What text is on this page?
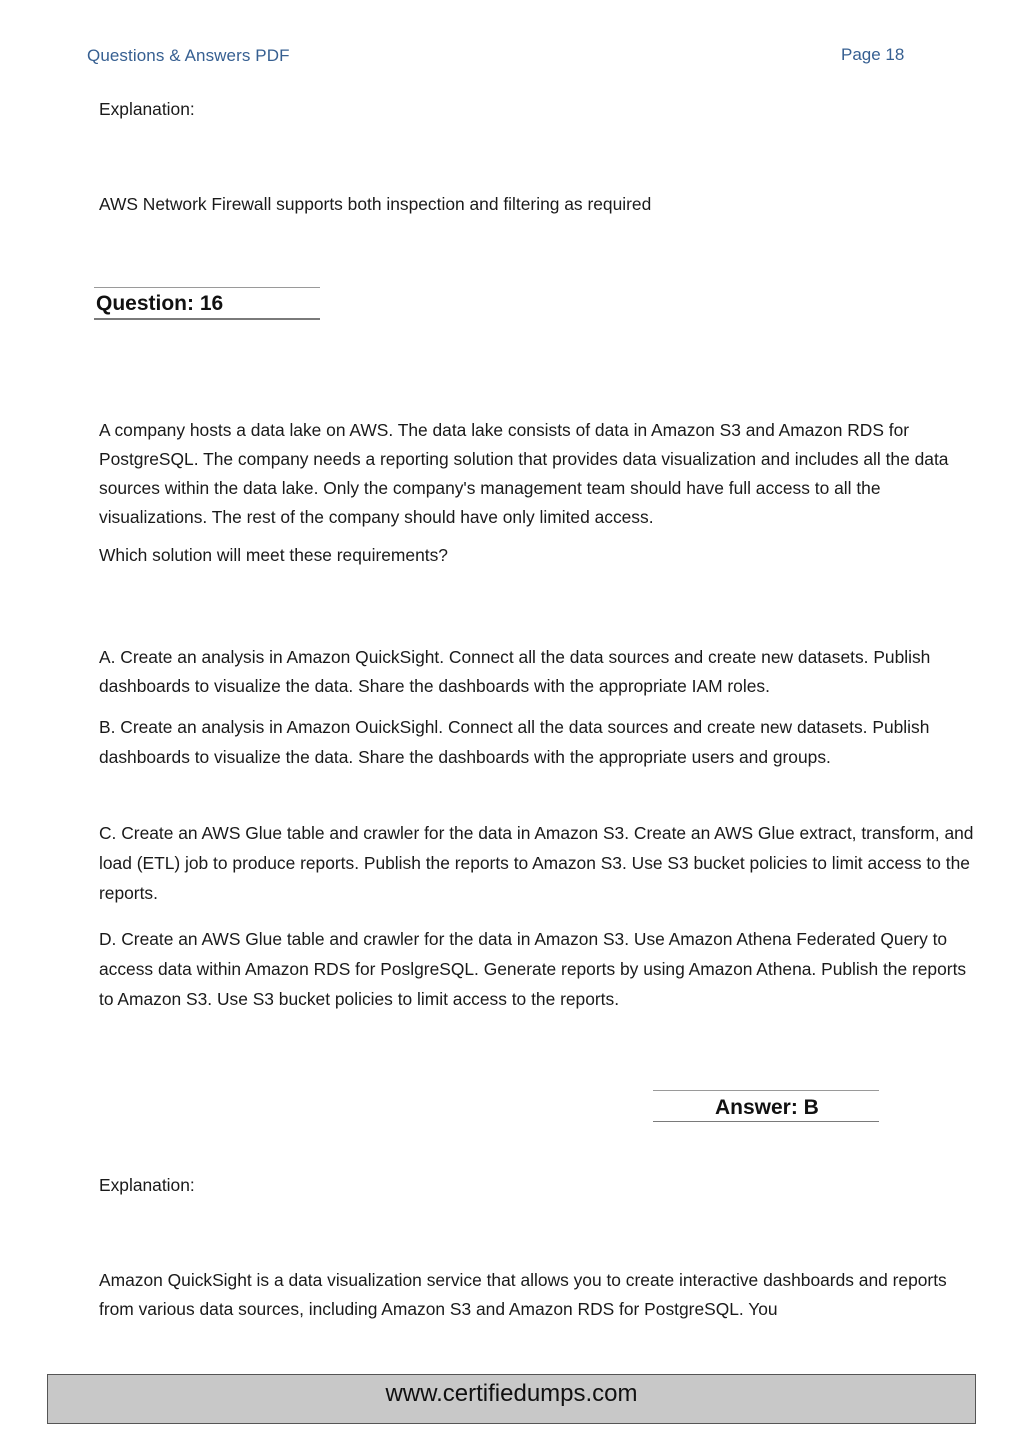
Questions & Answers PDF	Page 18
Explanation:
AWS Network Firewall supports both inspection and filtering as required
Question: 16
A company hosts a data lake on AWS. The data lake consists of data in Amazon S3 and Amazon RDS for PostgreSQL. The company needs a reporting solution that provides data visualization and includes all the data sources within the data lake. Only the company's management team should have full access to all the visualizations. The rest of the company should have only limited access.
Which solution will meet these requirements?
A. Create an analysis in Amazon QuickSight. Connect all the data sources and create new datasets. Publish dashboards to visualize the data. Share the dashboards with the appropriate IAM roles.
B. Create an analysis in Amazon OuickSighl. Connect all the data sources and create new datasets. Publish dashboards to visualize the data. Share the dashboards with the appropriate users and groups.
C. Create an AWS Glue table and crawler for the data in Amazon S3. Create an AWS Glue extract, transform, and load (ETL) job to produce reports. Publish the reports to Amazon S3. Use S3 bucket policies to limit access to the reports.
D. Create an AWS Glue table and crawler for the data in Amazon S3. Use Amazon Athena Federated Query to access data within Amazon RDS for PoslgreSQL. Generate reports by using Amazon Athena. Publish the reports to Amazon S3. Use S3 bucket policies to limit access to the reports.
Answer: B
Explanation:
Amazon QuickSight is a data visualization service that allows you to create interactive dashboards and reports from various data sources, including Amazon S3 and Amazon RDS for PostgreSQL. You
www.certifiedumps.com
